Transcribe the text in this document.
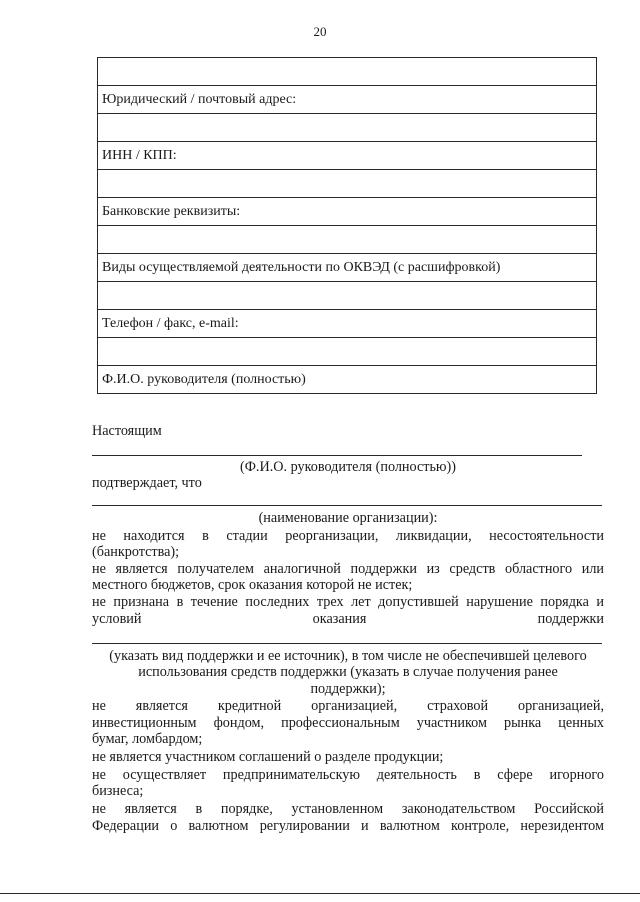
20

Юридический / почтовый адрес:

ИНН / КПП:

Банковские реквизиты:

Виды осуществляемой деятельности по ОКВЭД (с расшифровкой)

Телефон / факс, e-mail:

Ф.И.О. руководителя (полностью)

Настоящим

(Ф.И.О. руководителя (полностью))

подтверждает, что

(наименование организации):

не находится в стадии реорганизации, ликвидации, несостоятельности

(банкротства);

не является получателем аналогичной поддержки из средств областного или

местного бюджетов, срок оказания которой не истек;

не признана в течение последних трех лет допустившей нарушение порядка и

условий оказания поддержки

(указать вид поддержки и ее источник), в том числе не обеспечившей целевого

использования средств поддержки (указать в случае получения ранее

поддержки);

не является кредитной организацией, страховой организацией,

инвестиционным фондом, профессиональным участником рынка ценных

бумаг, ломбардом;

не является участником соглашений о разделе продукции;

не осуществляет предпринимательскую деятельность в сфере игорного

бизнеса;

не является в порядке, установленном законодательством Российской

Федерации о валютном регулировании и валютном контроле, нерезидентом
